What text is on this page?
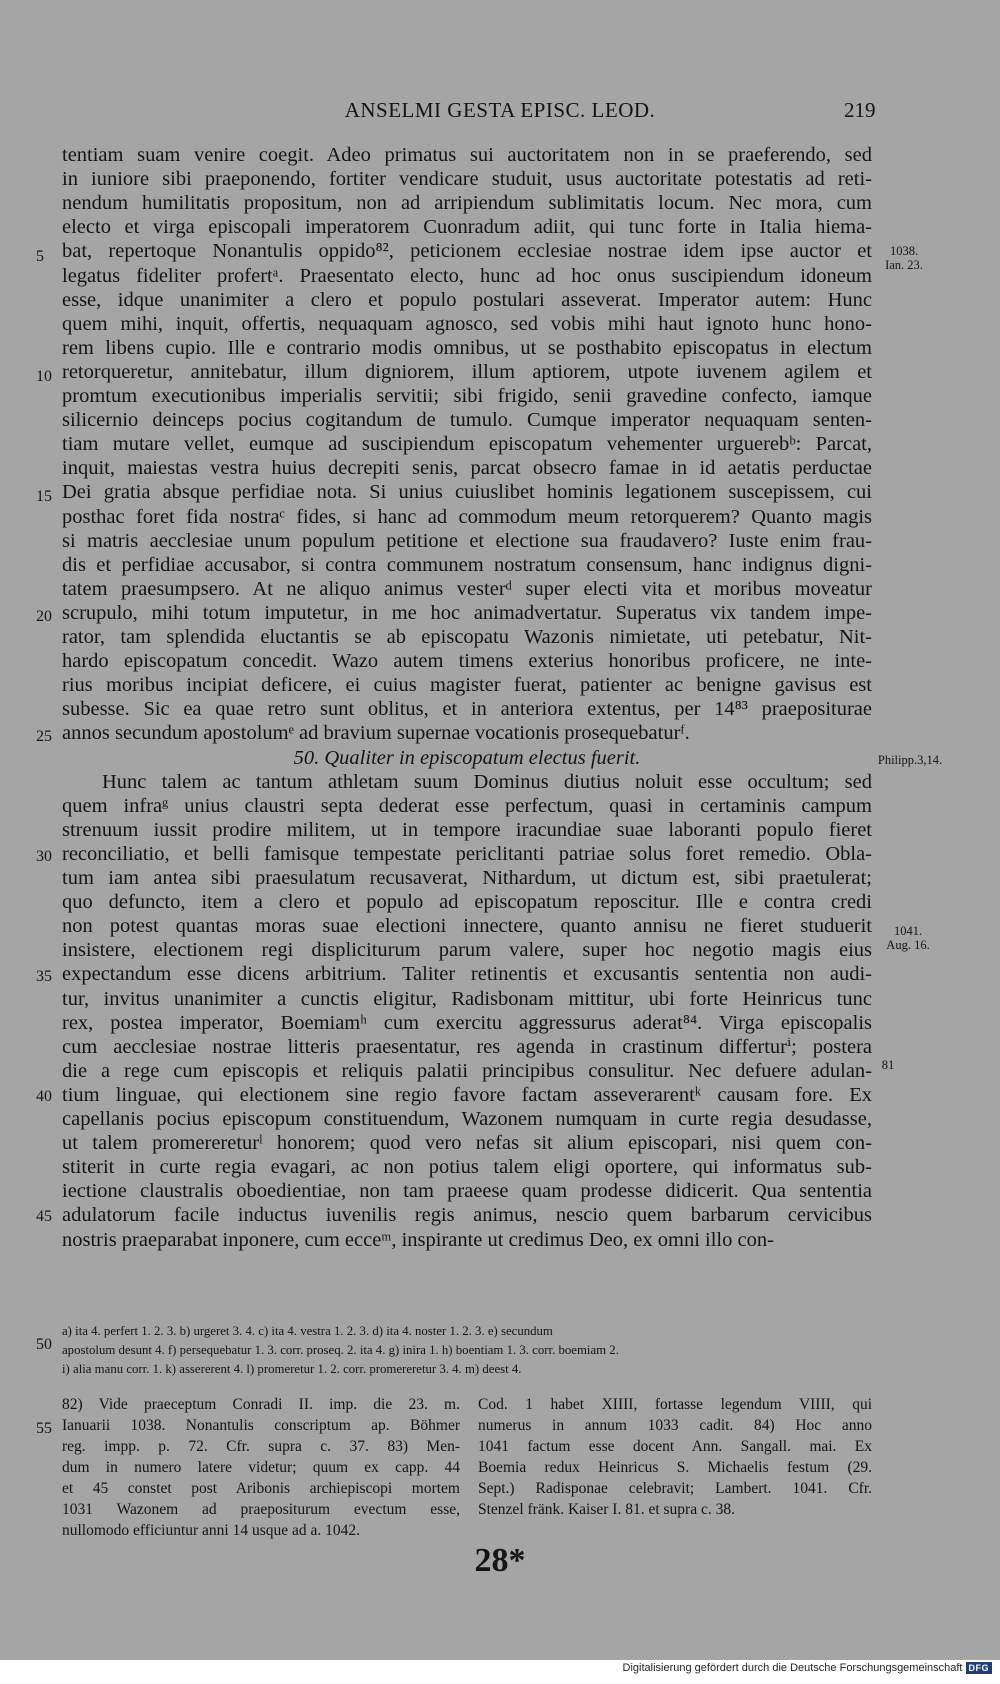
ANSELMI GESTA EPISC. LEOD.	219
tentiam suam venire coegit. Adeo primatus sui auctoritatem non in se praeferendo, sed
in iuniore sibi praeponendo, fortiter vendicare studuit, usus auctoritate potestatis ad reti-
nendum humilitatis propositum, non ad arripiendum sublimitatis locum. Nec mora, cum
electo et virga episcopali imperatorem Cuonradum adiit, qui tunc forte in Italia hiema-
bat, repertoque Nonantulis oppido⁸², peticionem ecclesiae nostrae idem ipse auctor et
legatus fideliter profertᵃ. Praesentato electo, hunc ad hoc onus suscipiendum idoneum
esse, idque unanimiter a clero et populo postulari asseverat. Imperator autem: Hunc
quem mihi, inquit, offertis, nequaquam agnosco, sed vobis mihi haut ignoto hunc hono-
rem libens cupio. Ille e contrario modis omnibus, ut se posthabito episcopatus in electum
retorqueretur, annitebatur, illum digniorem, illum aptiorem, utpote iuvenem agilem et
promtum executionibus imperialis servitii; sibi frigido, senii gravedine confecto, iamque
silicernio deinceps pocius cogitandum de tumulo. Cumque imperator nequaquam senten-
tiam mutare vellet, eumque ad suscipiendum episcopatum vehementer urguerebᵇ: Parcat,
inquit, maiestas vestra huius decrepiti senis, parcat obsecro famae in id aetatis perductae
Dei gratia absque perfidiae nota. Si unius cuiuslibet hominis legationem suscepissem, cui
posthac foret fida nostraᶜ fides, si hanc ad commodum meum retorquerem? Quanto magis
si matris aecclesiae unum populum petitione et electione sua fraudavero? Iuste enim frau-
dis et perfidiae accusabor, si contra communem nostratum consensum, hanc indignus digni-
tatem praesumpsero. At ne aliquo animus vesterᵈ super electi vita et moribus moveatur
scrupulo, mihi totum imputetur, in me hoc animadvertatur. Superatus vix tandem impe-
rator, tam splendida eluctantis se ab episcopatu Wazonis nimietate, uti petebatur, Nit-
hardo episcopatum concedit. Wazo autem timens exterius honoribus proficere, ne inte-
rius moribus incipiat deficere, ei cuius magister fuerat, patienter ac benigne gavisus est
subesse. Sic ea quae retro sunt oblitus, et in anteriora extentus, per 14⁸³ praepositurae
annos secundum apostolumᵉ ad bravium supernae vocationis prosequebaturᶠ.
50. Qualiter in episcopatum electus fuerit.
Hunc talem ac tantum athletam suum Dominus diutius noluit esse occultum; sed
quem infraᵍ unius claustri septa dederat esse perfectum, quasi in certaminis campum
strenuum iussit prodire militem, ut in tempore iracundiae suae laboranti populo fieret
reconciliatio, et belli famisque tempestate periclitanti patriae solus foret remedio. Obla-
tum iam antea sibi praesulatum recusaverat, Nithardum, ut dictum est, sibi praetulerat;
quo defuncto, item a clero et populo ad episcopatum reposcitur. Ille e contra credi
non potest quantas moras suae electioni innectere, quanto annisu ne fieret studuerit
insistere, electionem regi displiciturum parum valere, super hoc negotio magis eius
expectandum esse dicens arbitrium. Taliter retinentis et excusantis sententia non audi-
tur, invitus unanimiter a cunctis eligitur, Radisbonam mittitur, ubi forte Heinricus tunc
rex, postea imperator, Boemiamʰ cum exercitu aggressurus aderat⁸⁴. Virga episcopalis
cum aecclesiae nostrae litteris praesentatur, res agenda in crastinum differturⁱ; postera
die a rege cum episcopis et reliquis palatii principibus consulitur. Nec defuere adulan-
tium linguae, qui electionem sine regio favore factam asseverarentᵏ causam fore. Ex
capellanis pocius episcopum constituendum, Wazonem numquam in curte regia desudasse,
ut talem promerereturˡ honorem; quod vero nefas sit alium episcopari, nisi quem con-
stiterit in curte regia evagari, ac non potius talem eligi oportere, qui informatus sub-
iectione claustralis oboedientiae, non tam praeese quam prodesse didicerit. Qua sententia
adulatorum facile inductus iuvenilis regis animus, nescio quem barbarum cervicibus
nostris praeparabat inponere, cum ecceᵐ, inspirante ut credimus Deo, ex omni illo con-
5
10
15
20
25
30
35
40
45
50
55
1038.
Ian. 23.
Philipp.3,14.
1041.
Aug. 16.
81
a) ita 4. perfert 1. 2. 3. b) urgeret 3. 4. c) ita 4. vestra 1. 2. 3. d) ita 4. noster 1. 2. 3. e) secundum
apostolum desunt 4. f) persequebatur 1. 3. corr. proseq. 2. ita 4. g) inira 1. h) boentiam 1. 3. corr. boemiam 2.
i) alia manu corr. 1. k) assererent 4. l) promeretur 1. 2. corr. promereretur 3. 4. m) deest 4.
82) Vide praeceptum Conradi II. imp. die 23. m.
Ianuarii 1038. Nonantulis conscriptum ap. Böhmer
reg. impp. p. 72. Cfr. supra c. 37. 83) Men-
dum in numero latere videtur; quum ex capp. 44
et 45 constet post Aribonis archiepiscopi mortem
1031 Wazonem ad praepositurum evectum esse,
nullomodo efficiuntur anni 14 usque ad a. 1042.
Cod. 1 habet XIIII, fortasse legendum VIIII, qui
numerus in annum 1033 cadit. 84) Hoc anno
1041 factum esse docent Ann. Sangall. mai. Ex
Boemia redux Heinricus S. Michaelis festum (29.
Sept.) Radisponae celebravit; Lambert. 1041. Cfr.
Stenzel fränk. Kaiser I. 81. et supra c. 38.
28*
Digitalisierung gefördert durch die Deutsche Forschungsgemeinschaft DFG
